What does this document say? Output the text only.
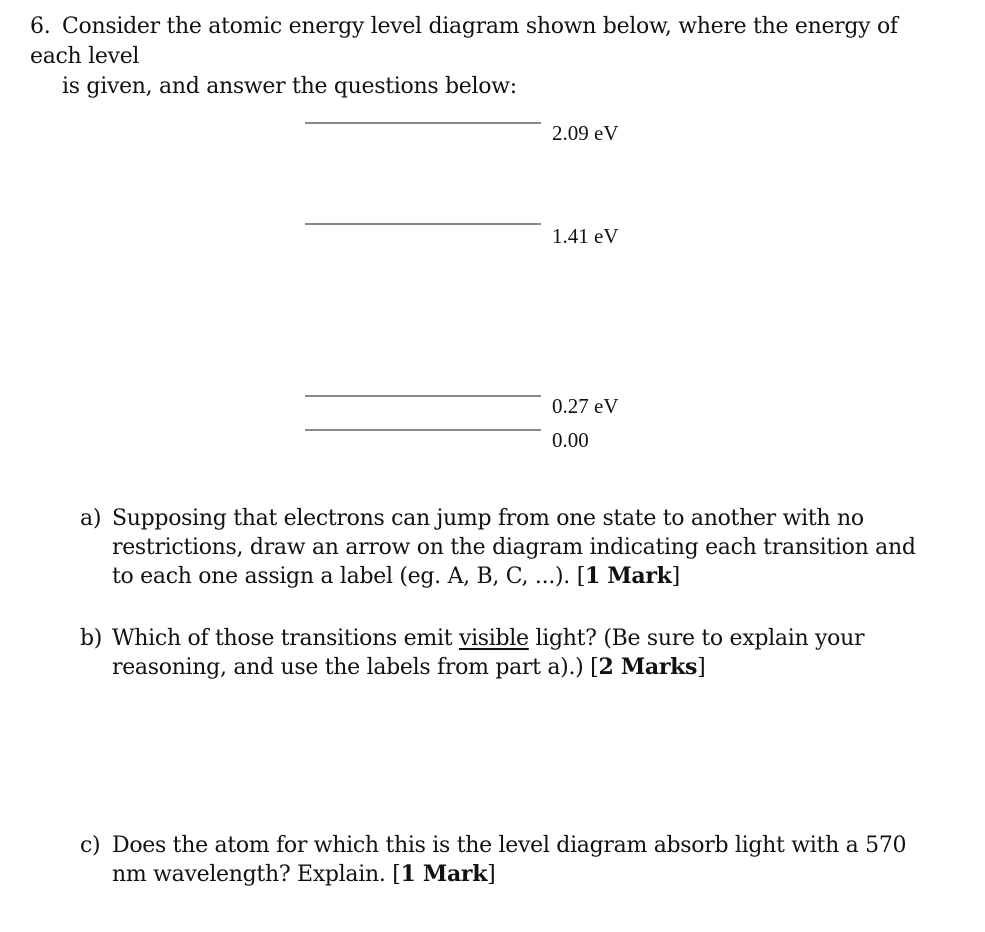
6. Consider the atomic energy level diagram shown below, where the energy of each level
is given, and answer the questions below:
2.09 eV
1.41 eV
0.27 eV
0.00
a) Supposing that electrons can jump from one state to another with no restrictions, draw an arrow on the diagram indicating each transition and to each one assign a label (eg. A, B, C, ...). [1 Mark]
b) Which of those transitions emit visible light? (Be sure to explain your reasoning, and use the labels from part a).) [2 Marks]
c) Does the atom for which this is the level diagram absorb light with a 570 nm wavelength? Explain. [1 Mark]
